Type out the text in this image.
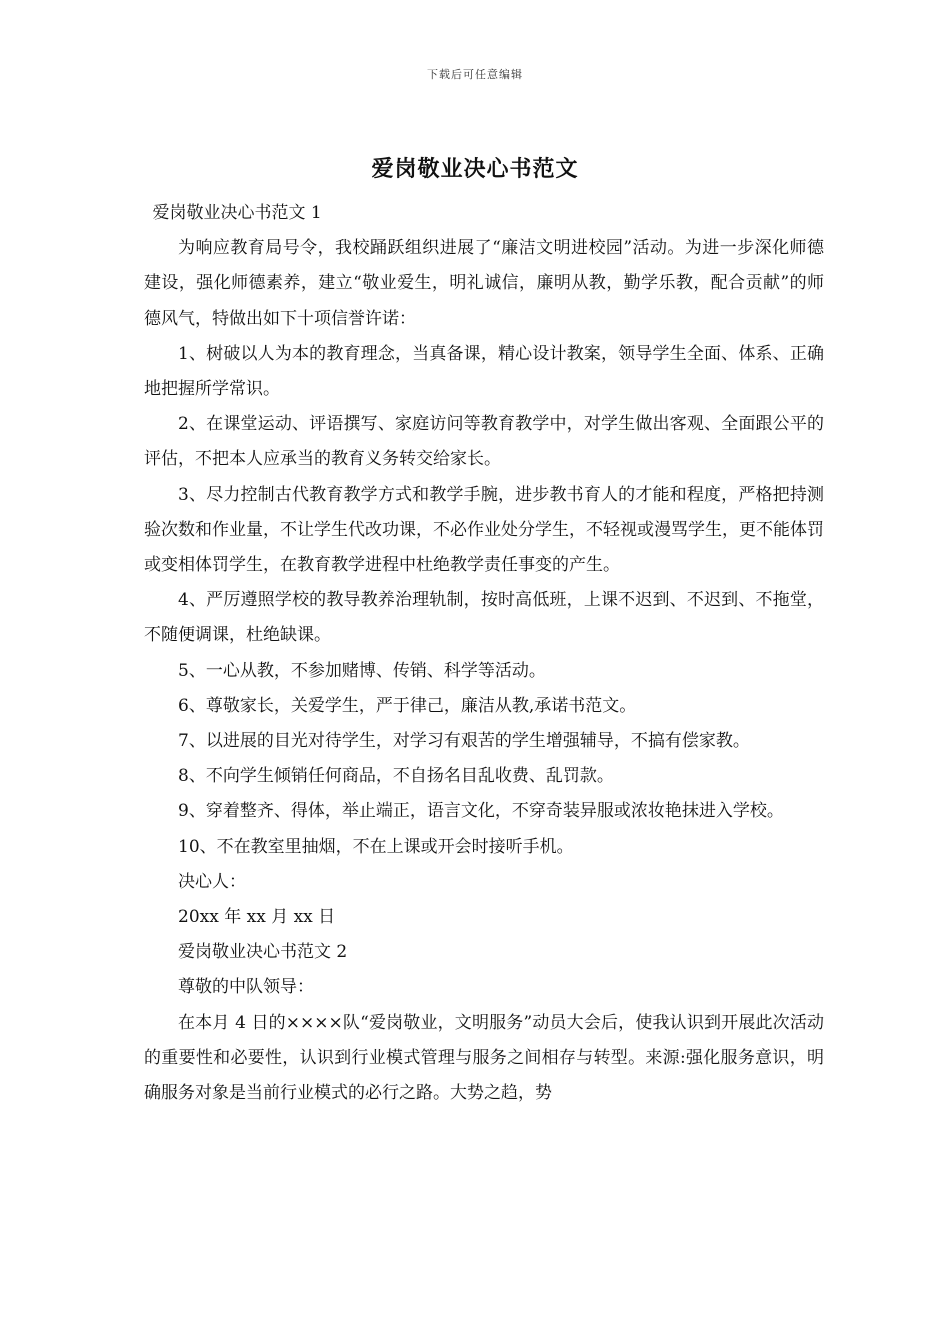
下载后可任意编辑
爱岗敬业决心书范文

爱岗敬业决心书范文 1

为响应教育局号令，我校踊跃组织进展了“廉洁文明进校园”活动。为进一步深化师德建设，强化师德素养，建立“敬业爱生，明礼诚信，廉明从教，勤学乐教，配合贡献”的师德风气，特做出如下十项信誉许诺：

1、树破以人为本的教育理念，当真备课，精心设计教案，领导学生全面、体系、正确地把握所学常识。

2、在课堂运动、评语撰写、家庭访问等教育教学中，对学生做出客观、全面跟公平的评估，不把本人应承当的教育义务转交给家长。

3、尽力控制古代教育教学方式和教学手腕，进步教书育人的才能和程度，严格把持测验次数和作业量，不让学生代改功课，不必作业处分学生，不轻视或漫骂学生，更不能体罚或变相体罚学生，在教育教学进程中杜绝教学责任事变的产生。

4、严厉遵照学校的教导教养治理轨制，按时高低班，上课不迟到、不迟到、不拖堂，不随便调课，杜绝缺课。

5、一心从教，不参加赌博、传销、科学等活动。

6、尊敬家长，关爱学生，严于律己，廉洁从教,承诺书范文。

7、以进展的目光对待学生，对学习有艰苦的学生增强辅导，不搞有偿家教。

8、不向学生倾销任何商品，不自扬名目乱收费、乱罚款。

9、穿着整齐、得体，举止端正，语言文化，不穿奇装异服或浓妆艳抹进入学校。

10、不在教室里抽烟，不在上课或开会时接听手机。

决心人：

20xx 年 xx 月 xx 日

爱岗敬业决心书范文 2

尊敬的中队领导：

在本月 4 日的××××队“爱岗敬业，文明服务”动员大会后，使我认识到开展此次活动的重要性和必要性，认识到行业模式管理与服务之间相存与转型。来源:强化服务意识，明确服务对象是当前行业模式的必行之路。大势之趋，势
